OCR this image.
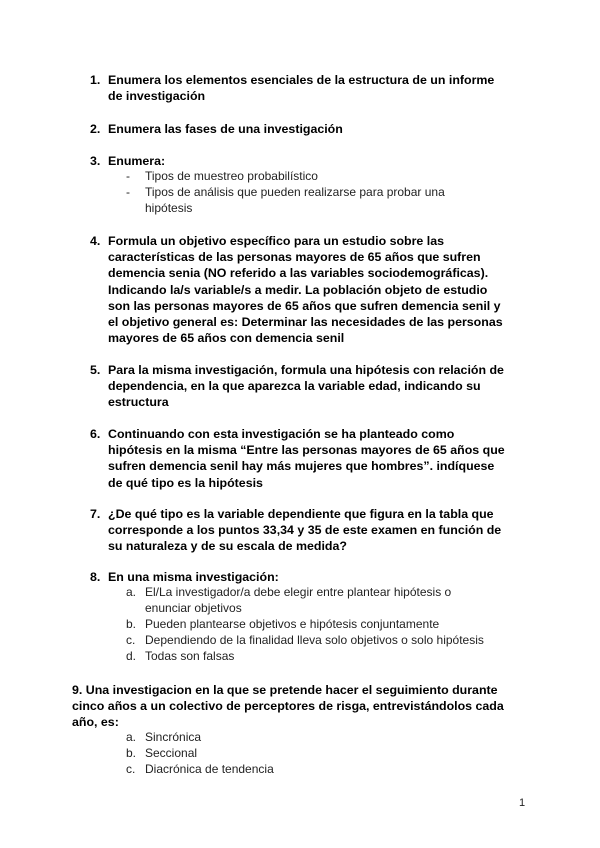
1. Enumera los elementos esenciales de la estructura de un informe de investigación
2. Enumera las fases de una investigación
3. Enumera:
- Tipos de muestreo probabilístico
- Tipos de análisis que pueden realizarse para probar una hipótesis
4. Formula un objetivo específico para un estudio sobre las características de las personas mayores de 65 años que sufren demencia senia (NO referido a las variables sociodemográficas). Indicando la/s variable/s a medir. La población objeto de estudio son las personas mayores de 65 años que sufren demencia senil y el objetivo general es: Determinar las necesidades de las personas mayores de 65 años con demencia senil
5. Para la misma investigación, formula una hipótesis con relación de dependencia, en la que aparezca la variable edad, indicando su estructura
6. Continuando con esta investigación se ha planteado como hipótesis en la misma “Entre las personas mayores de 65 años que sufren demencia senil hay más mujeres que hombres”. indíquese de qué tipo es la hipótesis
7. ¿De qué tipo es la variable dependiente que figura en la tabla que corresponde a los puntos 33,34 y 35 de este examen en función de su naturaleza y de su escala de medida?
8. En una misma investigación:
a. El/La investigador/a debe elegir entre plantear hipótesis o enunciar objetivos
b. Pueden plantearse objetivos e hipótesis conjuntamente
c. Dependiendo de la finalidad lleva solo objetivos o solo hipótesis
d. Todas son falsas
9. Una investigacion en la que se pretende hacer el seguimiento durante cinco años a un colectivo de perceptores de risga, entrevistándolos cada año, es:
a. Sincrónica
b. Seccional
c. Diacrónica de tendencia
1
